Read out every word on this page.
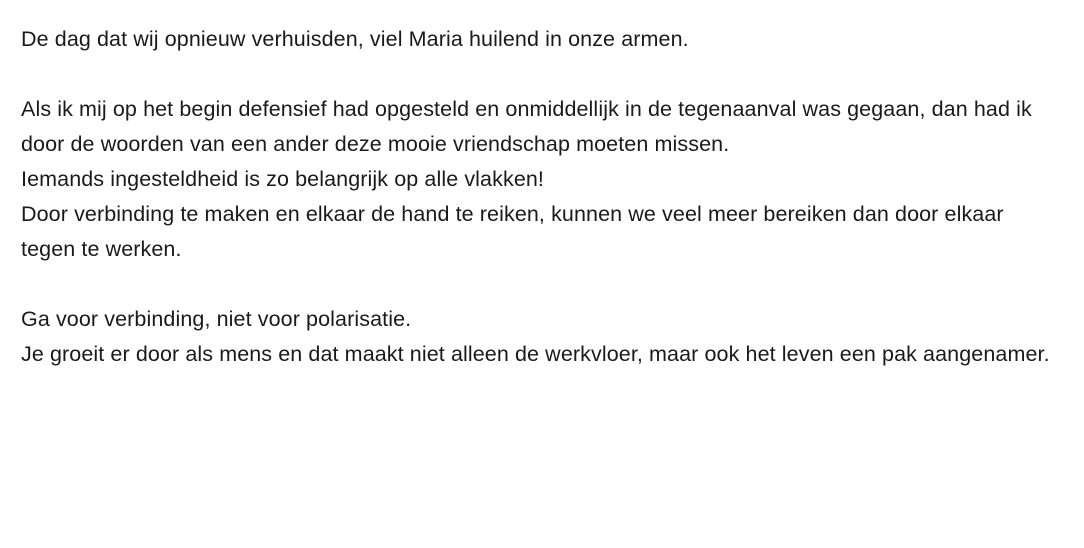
De dag dat wij opnieuw verhuisden, viel Maria huilend in onze armen.

Als ik mij op het begin defensief had opgesteld en onmiddellijk in de tegenaanval was gegaan, dan had ik door de woorden van een ander deze mooie vriendschap moeten missen.

Iemands ingesteldheid is zo belangrijk op alle vlakken!

Door verbinding te maken en elkaar de hand te reiken, kunnen we veel meer bereiken dan door elkaar tegen te werken.

Ga voor verbinding, niet voor polarisatie.

Je groeit er door als mens en dat maakt niet alleen de werkvloer, maar ook het leven een pak aangenamer.
